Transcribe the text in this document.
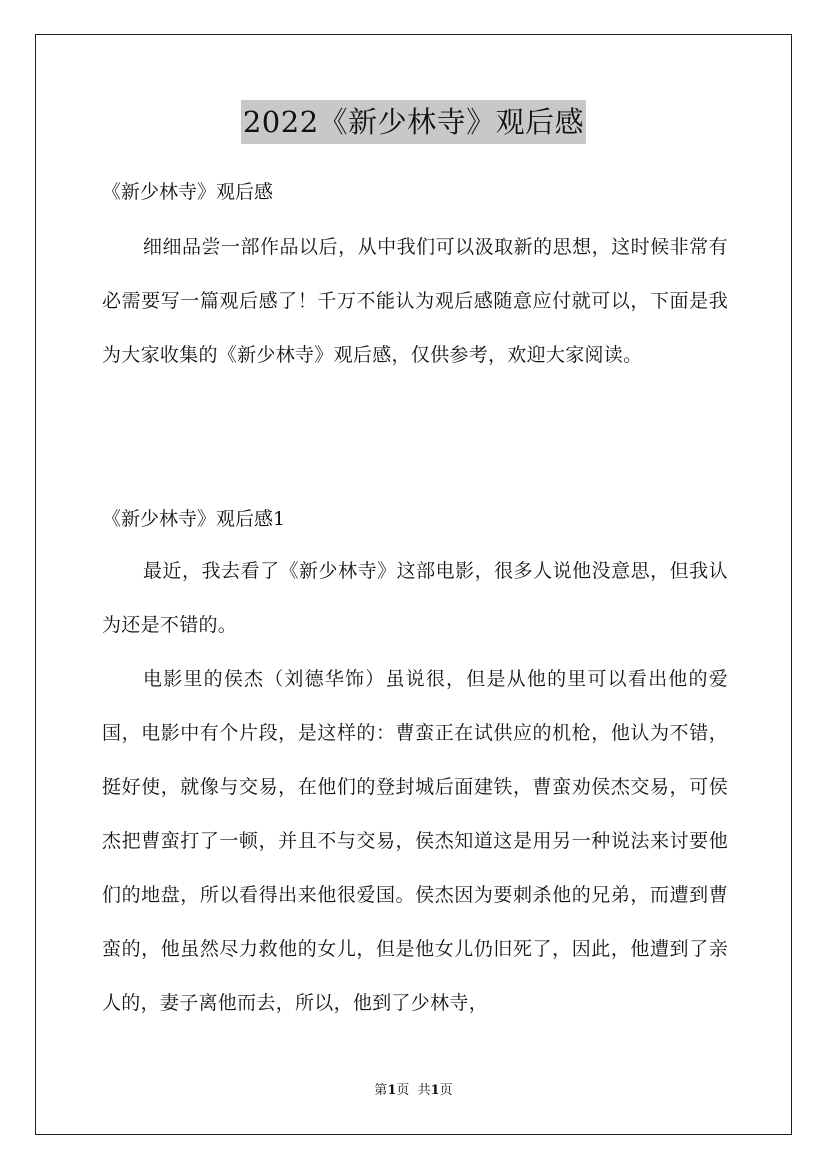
2022《新少林寺》观后感
《新少林寺》观后感
细细品尝一部作品以后，从中我们可以汲取新的思想，这时候非常有必需要写一篇观后感了！千万不能认为观后感随意应付就可以，下面是我为大家收集的《新少林寺》观后感，仅供参考，欢迎大家阅读。
《新少林寺》观后感1
最近，我去看了《新少林寺》这部电影，很多人说他没意思，但我认为还是不错的。
电影里的侯杰（刘德华饰）虽说很，但是从他的里可以看出他的爱国，电影中有个片段，是这样的：曹蛮正在试供应的机枪，他认为不错，挺好使，就像与交易，在他们的登封城后面建铁，曹蛮劝侯杰交易，可侯杰把曹蛮打了一顿，并且不与交易，侯杰知道这是用另一种说法来讨要他们的地盘，所以看得出来他很爱国。侯杰因为要刺杀他的兄弟，而遭到曹蛮的，他虽然尽力救他的女儿，但是他女儿仍旧死了，因此，他遭到了亲人的，妻子离他而去，所以，他到了少林寺，
第1页  共1页
